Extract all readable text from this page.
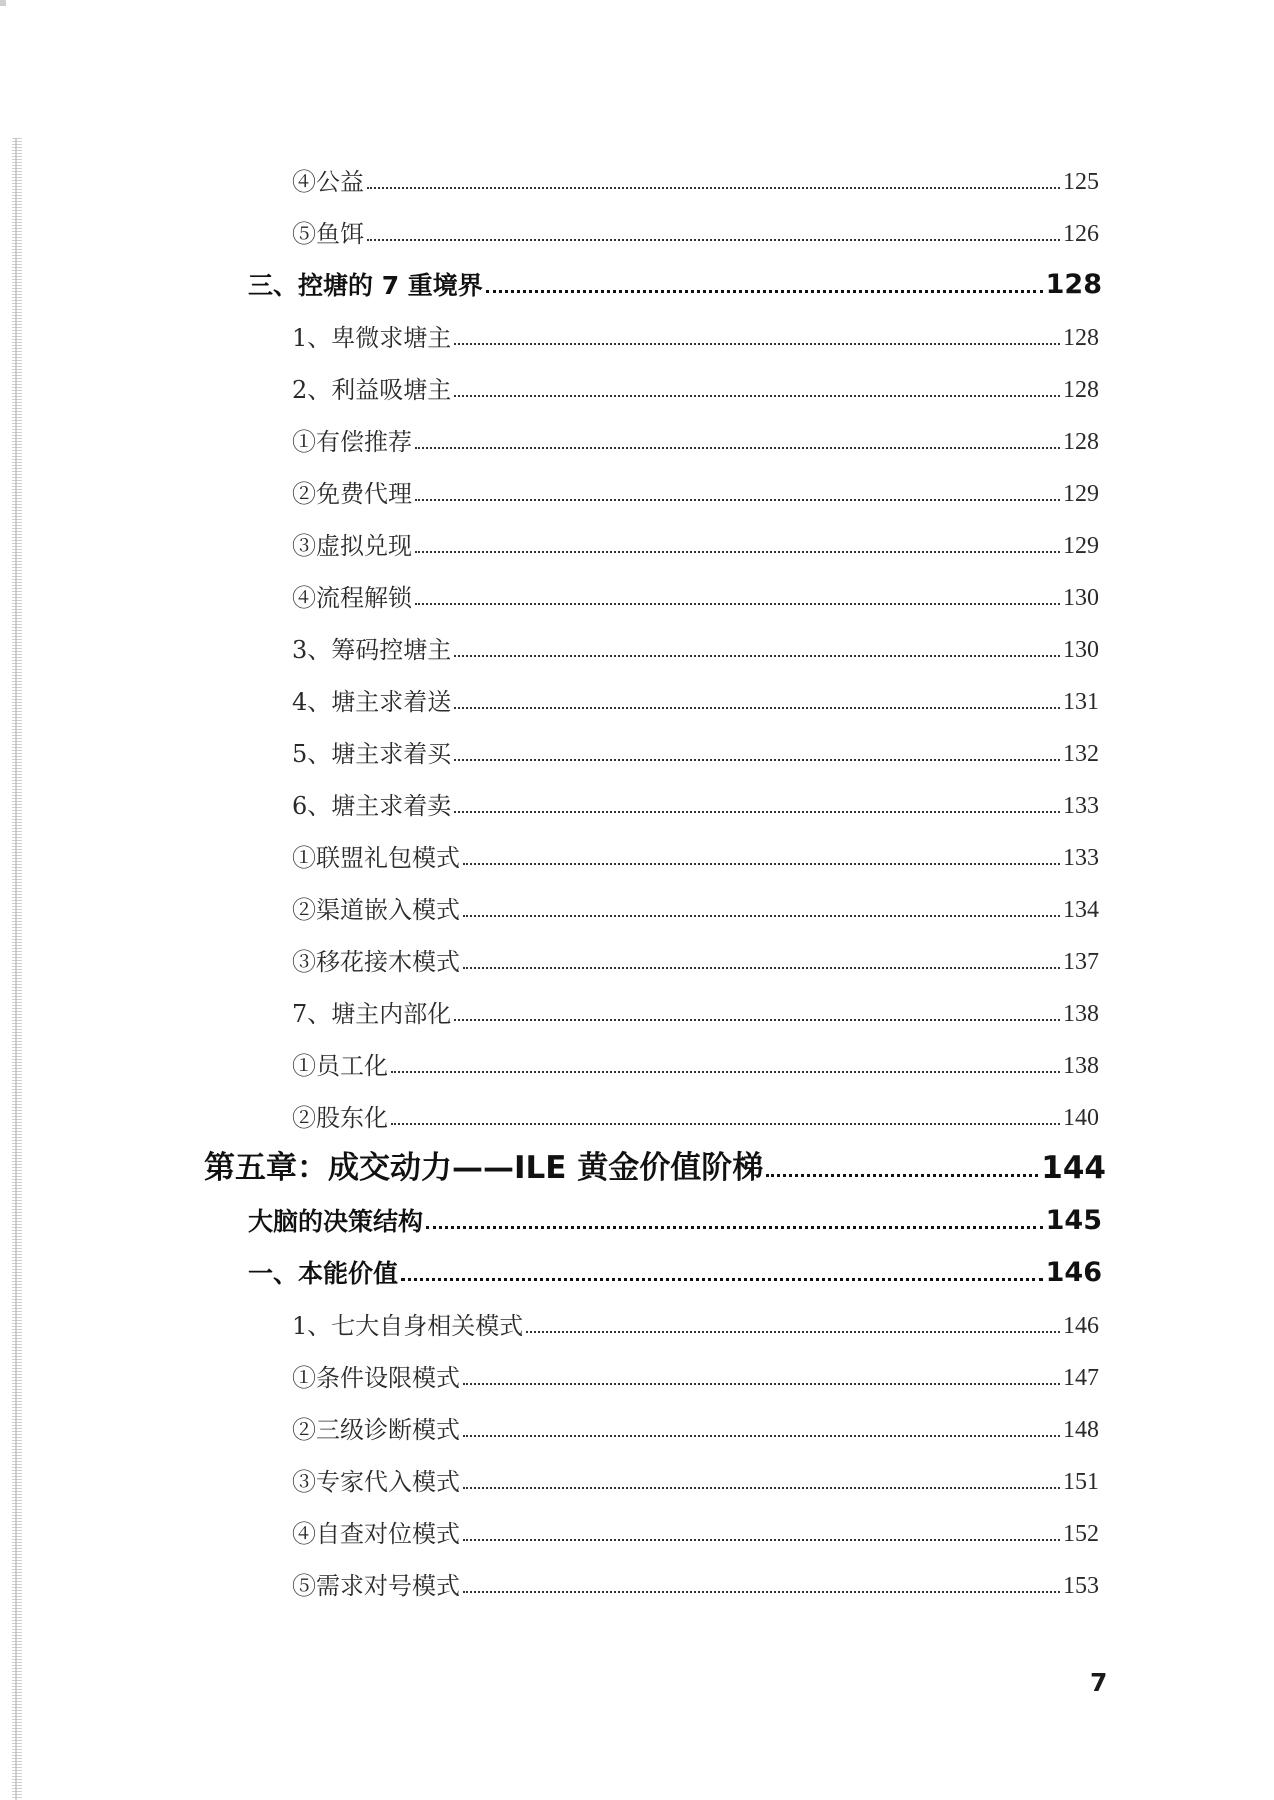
④公益	125
⑤鱼饵	126
三、控塘的 7 重境界	128
1、卑微求塘主	128
2、利益吸塘主	128
①有偿推荐	128
②免费代理	129
③虚拟兑现	129
④流程解锁	130
3、筹码控塘主	130
4、塘主求着送	131
5、塘主求着买	132
6、塘主求着卖	133
①联盟礼包模式	133
②渠道嵌入模式	134
③移花接木模式	137
7、塘主内部化	138
①员工化	138
②股东化	140
第五章：成交动力——ILE 黄金价值阶梯	144
大脑的决策结构	145
一、本能价值	146
1、七大自身相关模式	146
①条件设限模式	147
②三级诊断模式	148
③专家代入模式	151
④自查对位模式	152
⑤需求对号模式	153
7
